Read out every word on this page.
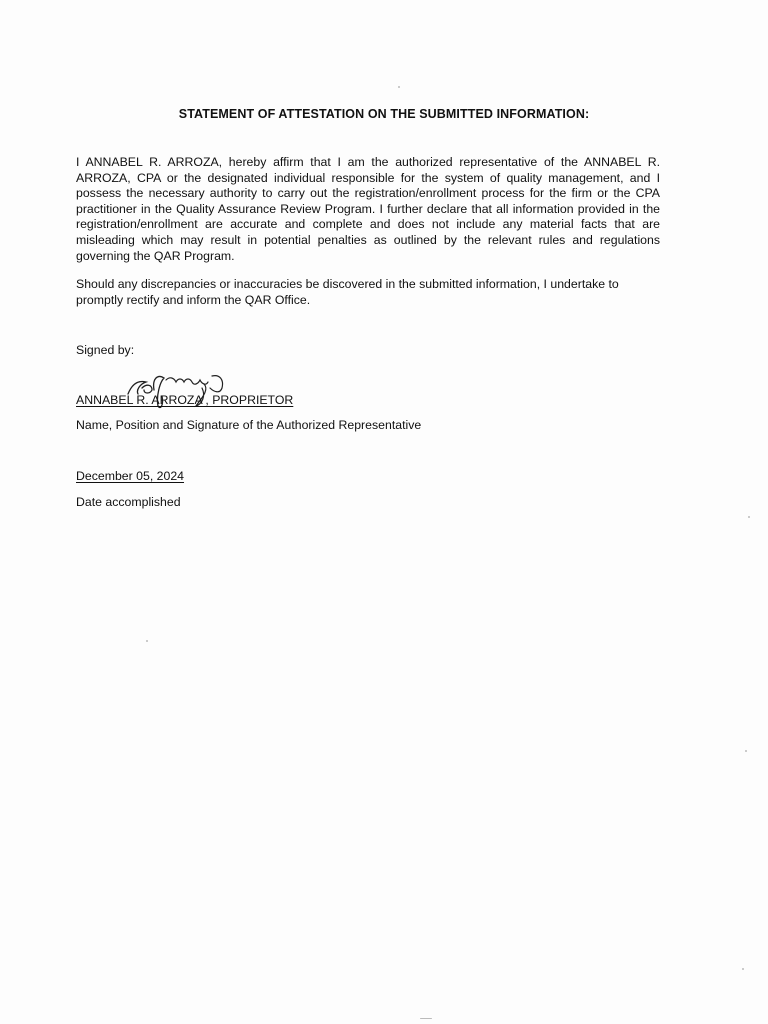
STATEMENT OF ATTESTATION ON THE SUBMITTED INFORMATION:
I ANNABEL R. ARROZA, hereby affirm that I am the authorized representative of the ANNABEL R. ARROZA, CPA or the designated individual responsible for the system of quality management, and I possess the necessary authority to carry out the registration/enrollment process for the firm or the CPA practitioner in the Quality Assurance Review Program. I further declare that all information provided in the registration/enrollment are accurate and complete and does not include any material facts that are misleading which may result in potential penalties as outlined by the relevant rules and regulations governing the QAR Program.
Should any discrepancies or inaccuracies be discovered in the submitted information, I undertake to promptly rectify and inform the QAR Office.
Signed by:
ANNABEL R. ARROZA , PROPRIETOR
Name, Position and Signature of the Authorized Representative
December 05, 2024
Date accomplished
